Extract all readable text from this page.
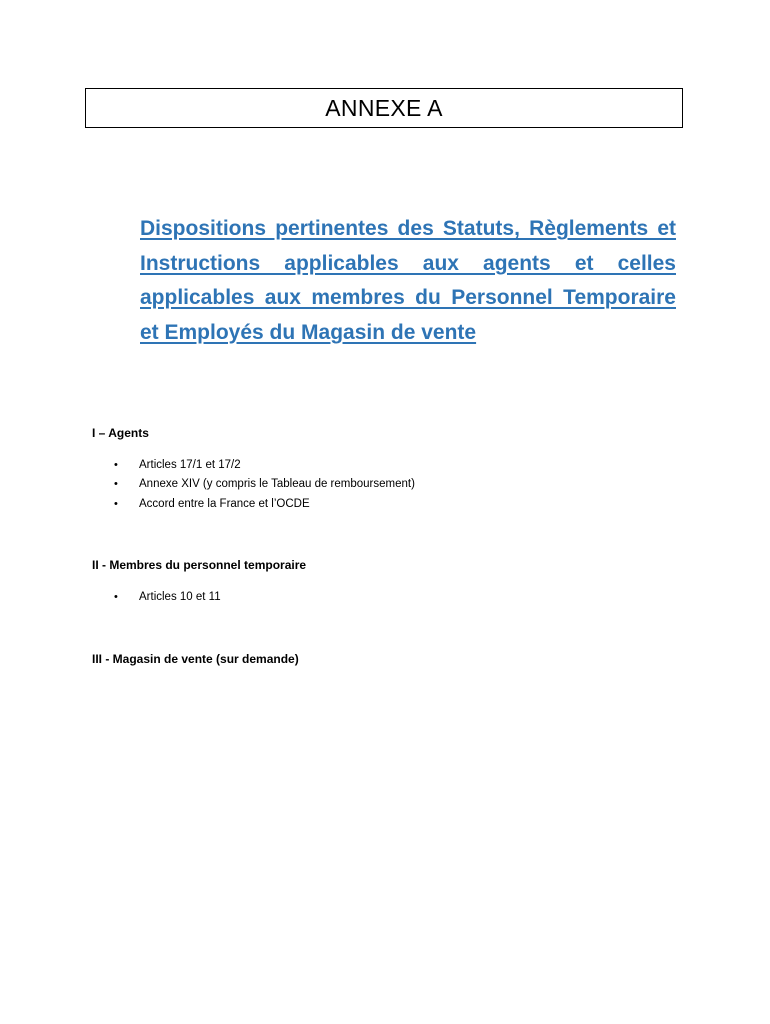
ANNEXE A

Dispositions pertinentes des Statuts, Règlements et Instructions applicables aux agents et celles applicables aux membres du Personnel Temporaire et Employés du Magasin de vente

I – Agents

•	Articles 17/1 et 17/2
•	Annexe XIV (y compris le Tableau de remboursement)
•	Accord entre la France et l’OCDE

II - Membres du personnel temporaire

•	Articles 10 et 11

III - Magasin de vente (sur demande)
